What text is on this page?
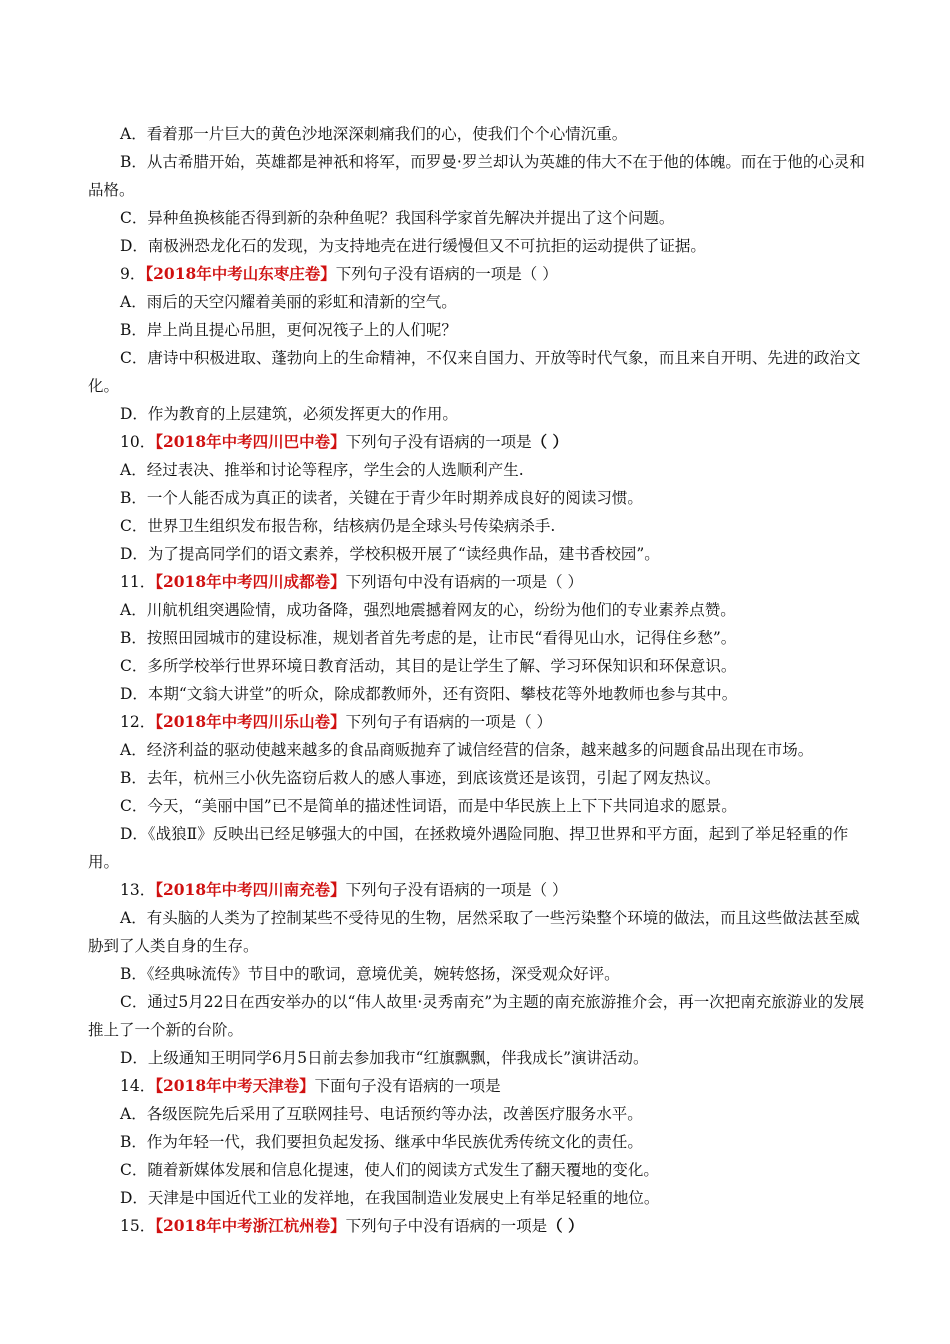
A．看着那一片巨大的黄色沙地深深刺痛我们的心，使我们个个心情沉重。

B．从古希腊开始，英雄都是神祇和将军，而罗曼·罗兰却认为英雄的伟大不在于他的体魄。而在于他的心灵和品格。

C．异种鱼换核能否得到新的杂种鱼呢？我国科学家首先解决并提出了这个问题。

D．南极洲恐龙化石的发现，为支持地壳在进行缓慢但又不可抗拒的运动提供了证据。

9．【2018年中考山东枣庄卷】下列句子没有语病的一项是（ ）

A．雨后的天空闪耀着美丽的彩虹和清新的空气。

B．岸上尚且提心吊胆，更何况筏子上的人们呢？

C．唐诗中积极进取、蓬勃向上的生命精神，不仅来自国力、开放等时代气象，而且来自开明、先进的政治文化。

D．作为教育的上层建筑，必须发挥更大的作用。

10．【2018年中考四川巴中卷】下列句子没有语病的一项是（ ）

A．经过表决、推举和讨论等程序，学生会的人选顺利产生.

B．一个人能否成为真正的读者，关键在于青少年时期养成良好的阅读习惯。

C．世界卫生组织发布报告称，结核病仍是全球头号传染病杀手.

D．为了提高同学们的语文素养，学校积极开展了“读经典作品，建书香校园”。

11．【2018年中考四川成都卷】下列语句中没有语病的一项是（ ）

A．川航机组突遇险情，成功备降，强烈地震撼着网友的心，纷纷为他们的专业素养点赞。

B．按照田园城市的建设标准，规划者首先考虑的是，让市民“看得见山水，记得住乡愁”。

C．多所学校举行世界环境日教育活动，其目的是让学生了解、学习环保知识和环保意识。

D．本期“文翁大讲堂”的听众，除成都教师外，还有资阳、攀枝花等外地教师也参与其中。

12．【2018年中考四川乐山卷】下列句子有语病的一项是（ ）

A．经济利益的驱动使越来越多的食品商贩抛弃了诚信经营的信条，越来越多的问题食品出现在市场。

B．去年，杭州三小伙先盗窃后救人的感人事迹，到底该赏还是该罚，引起了网友热议。

C．今天，“美丽中国”已不是简单的描述性词语，而是中华民族上上下下共同追求的愿景。

D．《战狼Ⅱ》反映出已经足够强大的中国，在拯救境外遇险同胞、捍卫世界和平方面，起到了举足轻重的作用。

13．【2018年中考四川南充卷】下列句子没有语病的一项是（ ）

A．有头脑的人类为了控制某些不受待见的生物，居然采取了一些污染整个环境的做法，而且这些做法甚至威胁到了人类自身的生存。

B．《经典咏流传》节目中的歌词，意境优美，婉转悠扬，深受观众好评。

C．通过5月22日在西安举办的以“伟人故里·灵秀南充”为主题的南充旅游推介会，再一次把南充旅游业的发展推上了一个新的台阶。

D．上级通知王明同学6月5日前去参加我市“红旗飘飘，伴我成长”演讲活动。

14．【2018年中考天津卷】下面句子没有语病的一项是

A．各级医院先后采用了互联网挂号、电话预约等办法，改善医疗服务水平。

B．作为年轻一代，我们要担负起发扬、继承中华民族优秀传统文化的责任。

C．随着新媒体发展和信息化提速，使人们的阅读方式发生了翻天覆地的变化。

D．天津是中国近代工业的发祥地，在我国制造业发展史上有举足轻重的地位。

15．【2018年中考浙江杭州卷】下列句子中没有语病的一项是（ ）
